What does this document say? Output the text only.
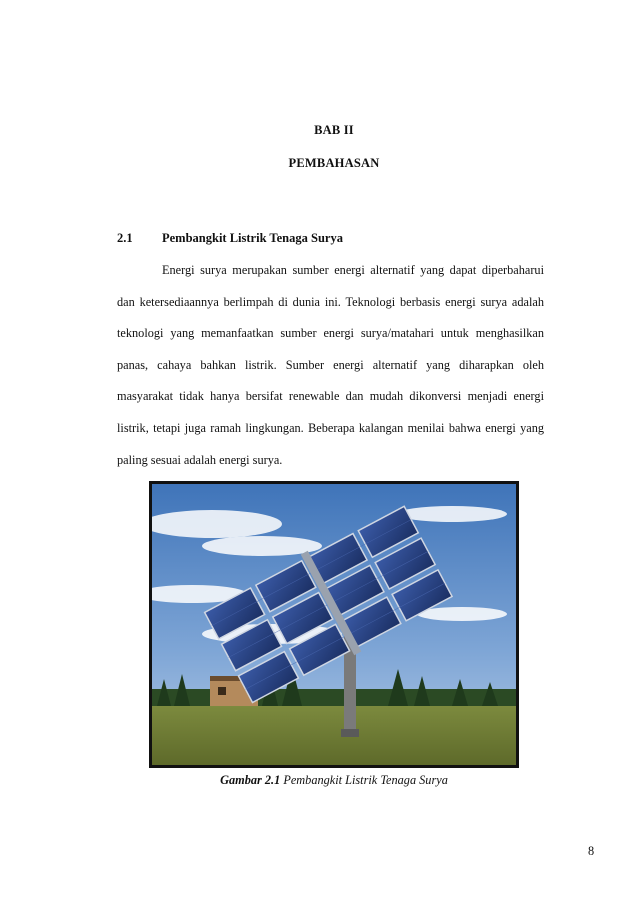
BAB II
PEMBAHASAN
2.1 Pembangkit Listrik Tenaga Surya

Energi surya merupakan sumber energi alternatif yang dapat diperbaharui dan ketersediaannya berlimpah di dunia ini. Teknologi berbasis energi surya adalah teknologi yang memanfaatkan sumber energi surya/matahari untuk menghasilkan panas, cahaya bahkan listrik. Sumber energi alternatif yang diharapkan oleh masyarakat tidak hanya bersifat renewable dan mudah dikonversi menjadi energi listrik, tetapi juga ramah lingkungan. Beberapa kalangan menilai bahwa energi yang paling sesuai adalah energi surya.

Gambar 2.1 Pembangkit Listrik Tenaga Surya
8
